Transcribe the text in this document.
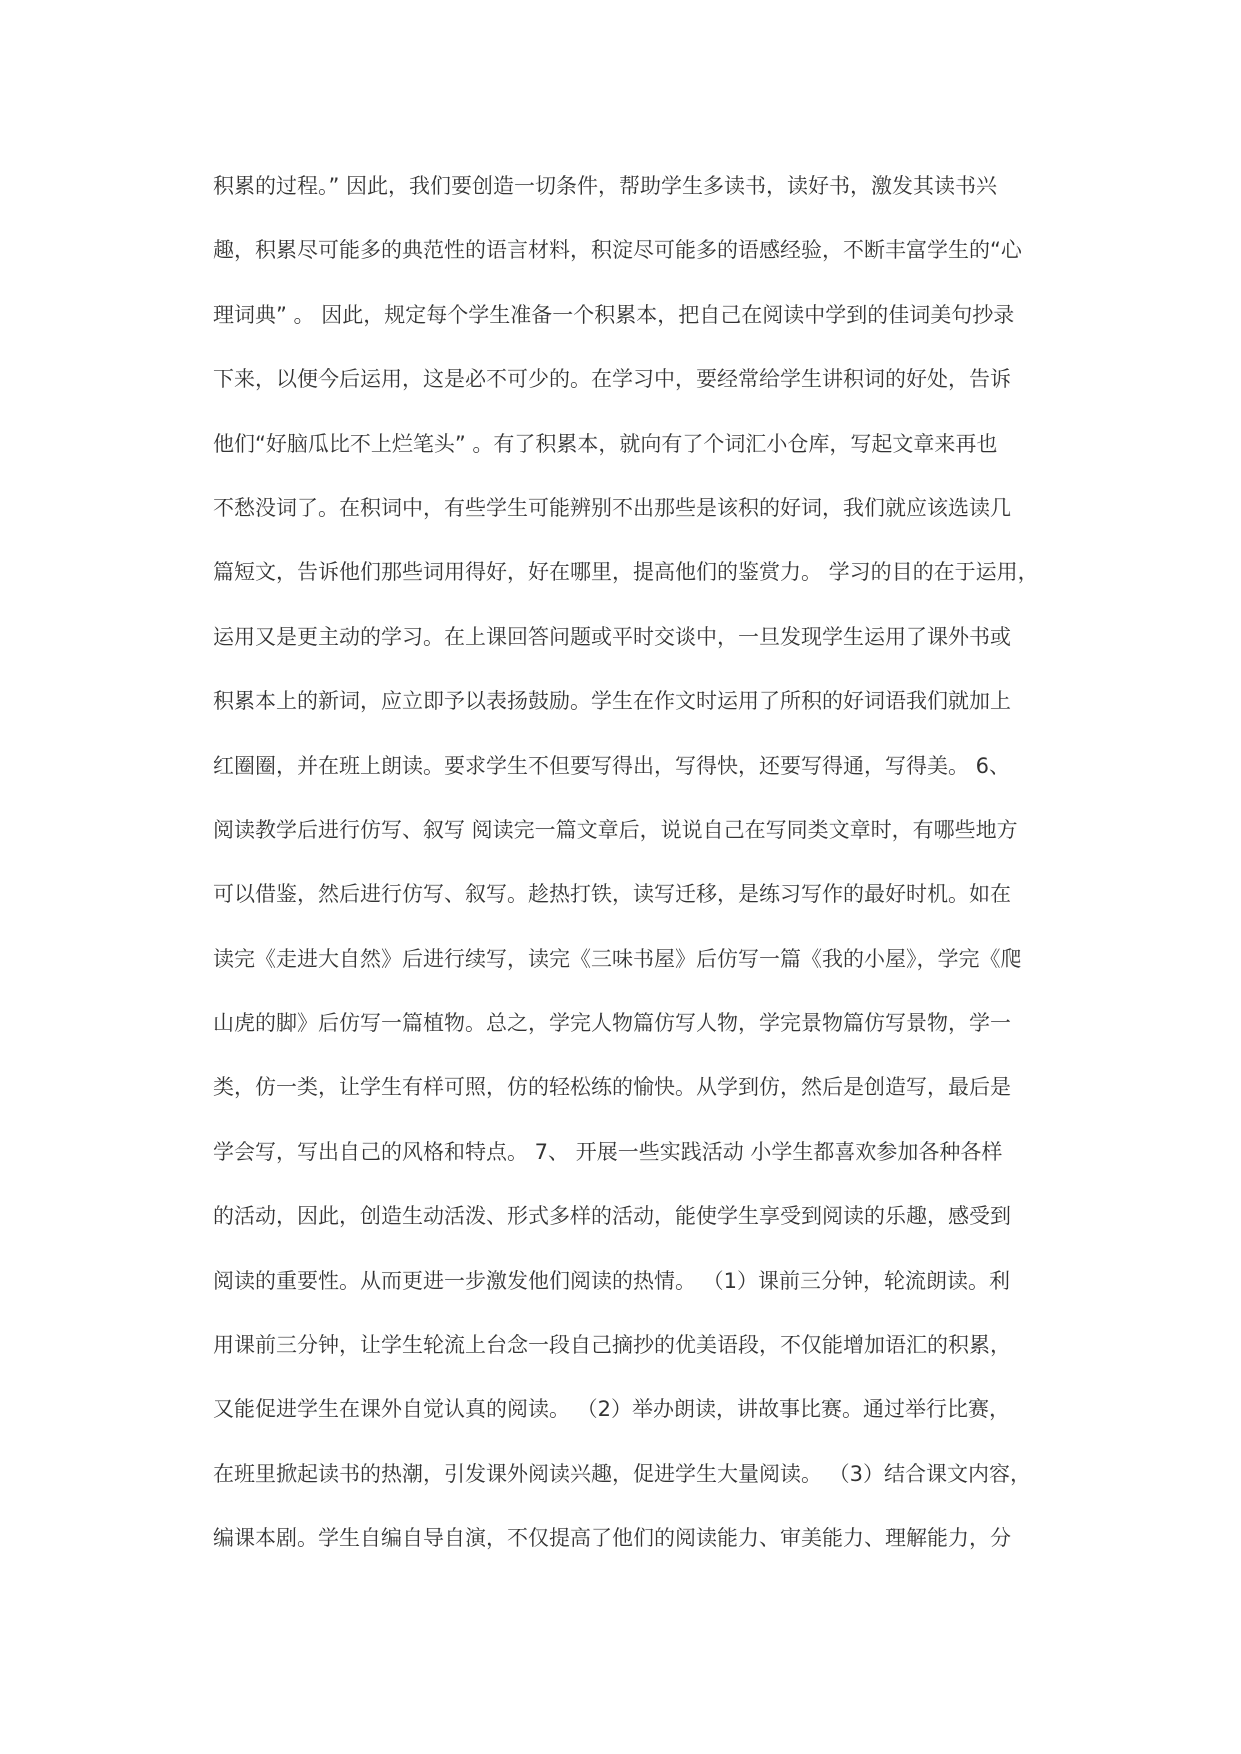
积累的过程。” 因此，我们要创造一切条件，帮助学生多读书，读好书，激发其读书兴
趣，积累尽可能多的典范性的语言材料，积淀尽可能多的语感经验，不断丰富学生的“心
理词典” 。 因此，规定每个学生准备一个积累本，把自己在阅读中学到的佳词美句抄录
下来，以便今后运用，这是必不可少的。在学习中，要经常给学生讲积词的好处，告诉
他们“好脑瓜比不上烂笔头” 。有了积累本，就向有了个词汇小仓库，写起文章来再也
不愁没词了。在积词中，有些学生可能辨别不出那些是该积的好词，我们就应该选读几
篇短文，告诉他们那些词用得好，好在哪里，提高他们的鉴赏力。 学习的目的在于运用，
运用又是更主动的学习。在上课回答问题或平时交谈中，一旦发现学生运用了课外书或
积累本上的新词，应立即予以表扬鼓励。学生在作文时运用了所积的好词语我们就加上
红圈圈，并在班上朗读。要求学生不但要写得出，写得快，还要写得通，写得美。 6、
阅读教学后进行仿写、叙写 阅读完一篇文章后，说说自己在写同类文章时，有哪些地方
可以借鉴，然后进行仿写、叙写。趁热打铁，读写迁移，是练习写作的最好时机。如在
读完《走进大自然》后进行续写，读完《三味书屋》后仿写一篇《我的小屋》，学完《爬
山虎的脚》后仿写一篇植物。总之，学完人物篇仿写人物，学完景物篇仿写景物，学一
类，仿一类，让学生有样可照，仿的轻松练的愉快。从学到仿，然后是创造写，最后是
学会写，写出自己的风格和特点。 7、 开展一些实践活动 小学生都喜欢参加各种各样
的活动，因此，创造生动活泼、形式多样的活动，能使学生享受到阅读的乐趣，感受到
阅读的重要性。从而更进一步激发他们阅读的热情。 （1）课前三分钟，轮流朗读。利
用课前三分钟，让学生轮流上台念一段自己摘抄的优美语段，不仅能增加语汇的积累，
又能促进学生在课外自觉认真的阅读。 （2）举办朗读，讲故事比赛。通过举行比赛，
在班里掀起读书的热潮，引发课外阅读兴趣，促进学生大量阅读。 （3）结合课文内容，
编课本剧。学生自编自导自演，不仅提高了他们的阅读能力、审美能力、理解能力，分
